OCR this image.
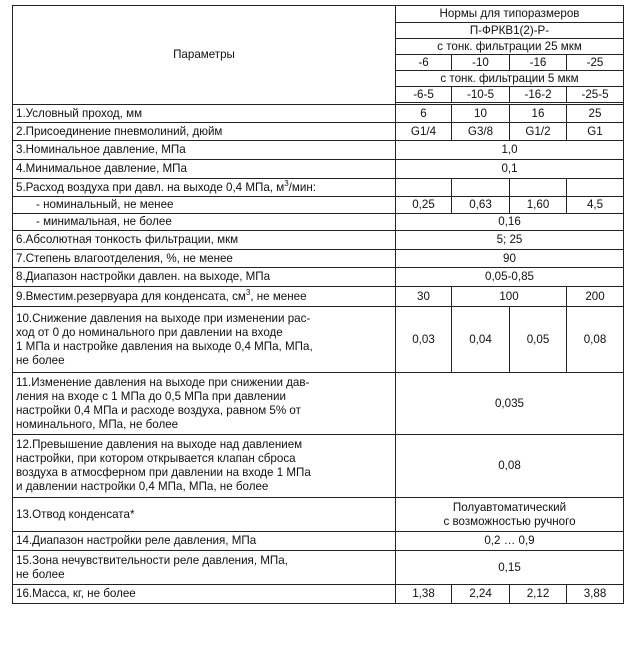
Параметры	Нормы для типоразмеров			
	П-ФРКВ1(2)-Р-			
	с тонк. фильтрации 25 мкм			
	-6	-10	-16	-25
	с тонк. фильтрации 5 мкм			
	-6-5	-10-5	-16-2	-25-5

1.Условный проход, мм	6	10	16	25
2.Присоединение пневмолиний, дюйм	G1/4	G3/8	G1/2	G1
3.Номинальное давление, МПа	1,0			
4.Минимальное давление, МПа	0,1			
5.Расход воздуха при давл. на выходе 0,4 МПа, $м^3$/мин:				
- номинальный, не менее	0,25	0,63	1,60	4,5
- минимальная, не более	0,16			
6.Абсолютная тонкость фильтрации, мкм	5; 25			
7.Степень влагоотделения, %, не менее	90			
8.Диапазон настройки давлен. на выходе, МПа	0,05-0,85			
9.Вместим.резервуара для конденсата, $см^3$, не менее	30	100		200

10.Снижение давления на выходе при изменении рас-
ход от 0 до номинального при давлении на входе
1 МПа и настройке давления на выходе 0,4 МПа, МПа,
не более	0,03	0,04	0,05	0,08

11.Изменение давления на выходе при снижении дав-
ления на входе с 1 МПа до 0,5 МПа при давлении
настройки 0,4 МПа и расходе воздуха, равном 5% от
номинального, МПа, не более	0,035			

12.Превышение давления на выходе над давлением
настройки, при котором открывается клапан сброса
воздуха в атмосферном при давлении на входе 1 МПа
и давлении настройки 0,4 МПа, МПа, не более	0,08			
13.Отвод конденсата*	Полуавтоматический
с возможностью ручного			

14.Диапазон настройки реле давления, МПа	0,2 … 0,9			

15.Зона нечувствительности реле давления, МПа,
не более	0,15			
16.Масса, кг, не более	1,38	2,24	2,12	3,88
